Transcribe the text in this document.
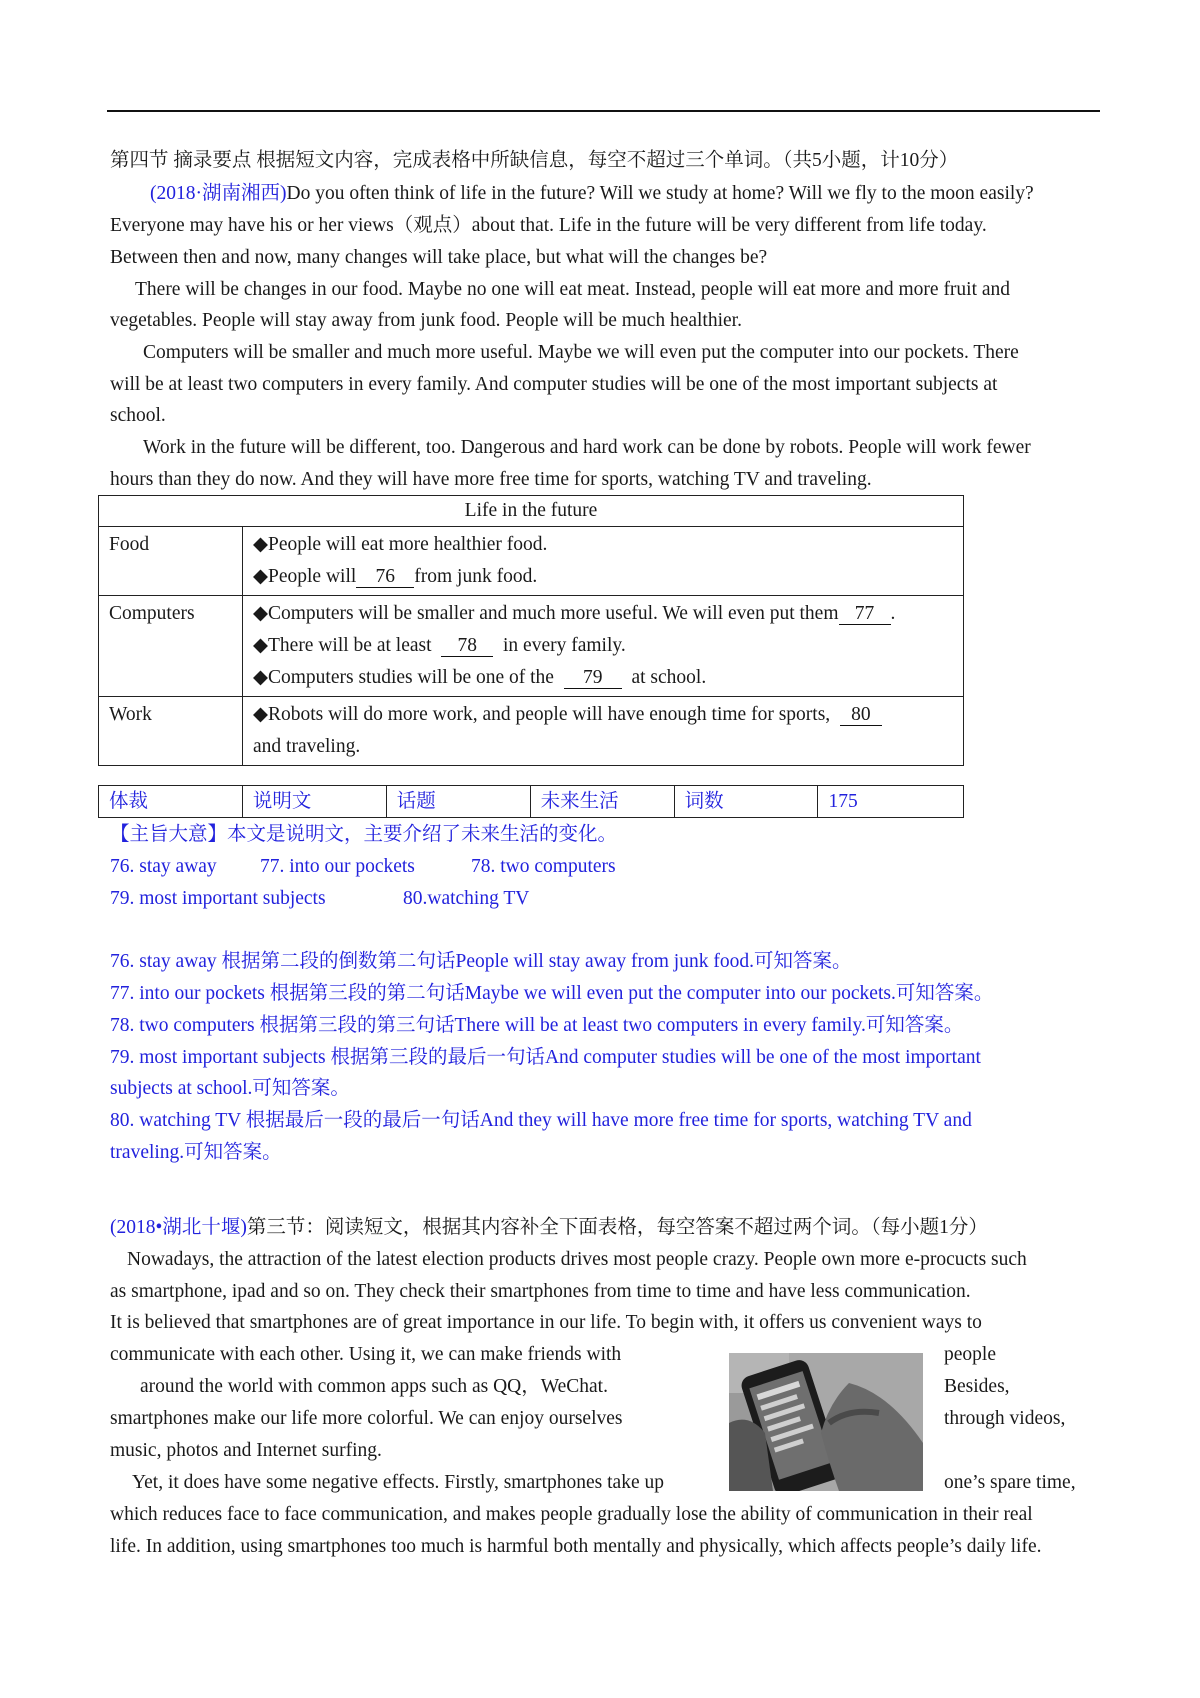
第四节 摘录要点 根据短文内容，完成表格中所缺信息，每空不超过三个单词。（共5小题，计10分）
(2018·湖南湘西)Do you often think of life in the future? Will we study at home? Will we fly to the moon easily?
Everyone may have his or her views（观点）about that. Life in the future will be very different from life today.
Between then and now, many changes will take place, but what will the changes be?
There will be changes in our food. Maybe no one will eat meat. Instead, people will eat more and more fruit and
vegetables. People will stay away from junk food. People will be much healthier.
Computers will be smaller and much more useful. Maybe we will even put the computer into our pockets. There
will be at least two computers in every family. And computer studies will be one of the most important subjects at
school.
Work in the future will be different, too. Dangerous and hard work can be done by robots. People will work fewer
hours than they do now. And they will have more free time for sports, watching TV and traveling.
Life in the future	
Food	◆People will eat more healthier food.
◆People will 76 from junk food.

Computers	◆Computers will be smaller and much more useful. We will even put them 77 .
◆There will be at least 78 in every family.
◆Computers studies will be one of the 79 at school.

Work	◆Robots will do more work, and people will have enough time for sports, 80
and traveling.
体裁	说明文	话题	未来生活	词数	175
【主旨大意】本文是说明文，主要介绍了未来生活的变化。
76. stay away 77. into our pockets	78. two computers
79. most important subjects	80.watching TV
76. stay away 根据第二段的倒数第二句话People will stay away from junk food.可知答案。
77. into our pockets 根据第三段的第二句话Maybe we will even put the computer into our pockets.可知答案。
78. two computers 根据第三段的第三句话There will be at least two computers in every family.可知答案。
79. most important subjects 根据第三段的最后一句话And computer studies will be one of the most important
subjects at school.可知答案。
80. watching TV 根据最后一段的最后一句话And they will have more free time for sports, watching TV and
traveling.可知答案。
(2018•湖北十堰)第三节：阅读短文，根据其内容补全下面表格，每空答案不超过两个词。（每小题1分）
Nowadays, the attraction of the latest election products drives most people crazy. People own more e-procucts such
as smartphone, ipad and so on. They check their smartphones from time to time and have less communication.
It is believed that smartphones are of great importance in our life. To begin with, it offers us convenient ways to
communicate with each other. Using it, we can make friends with	people
around the world with common apps such as QQ，WeChat.	Besides,
smartphones make our life more colorful. We can enjoy ourselves	through videos,
music, photos and Internet surfing.
Yet, it does have some negative effects. Firstly, smartphones take up	one’s spare time,
which reduces face to face communication, and makes people gradually lose the ability of communication in their real
life. In addition, using smartphones too much is harmful both mentally and physically, which affects people’s daily life.
